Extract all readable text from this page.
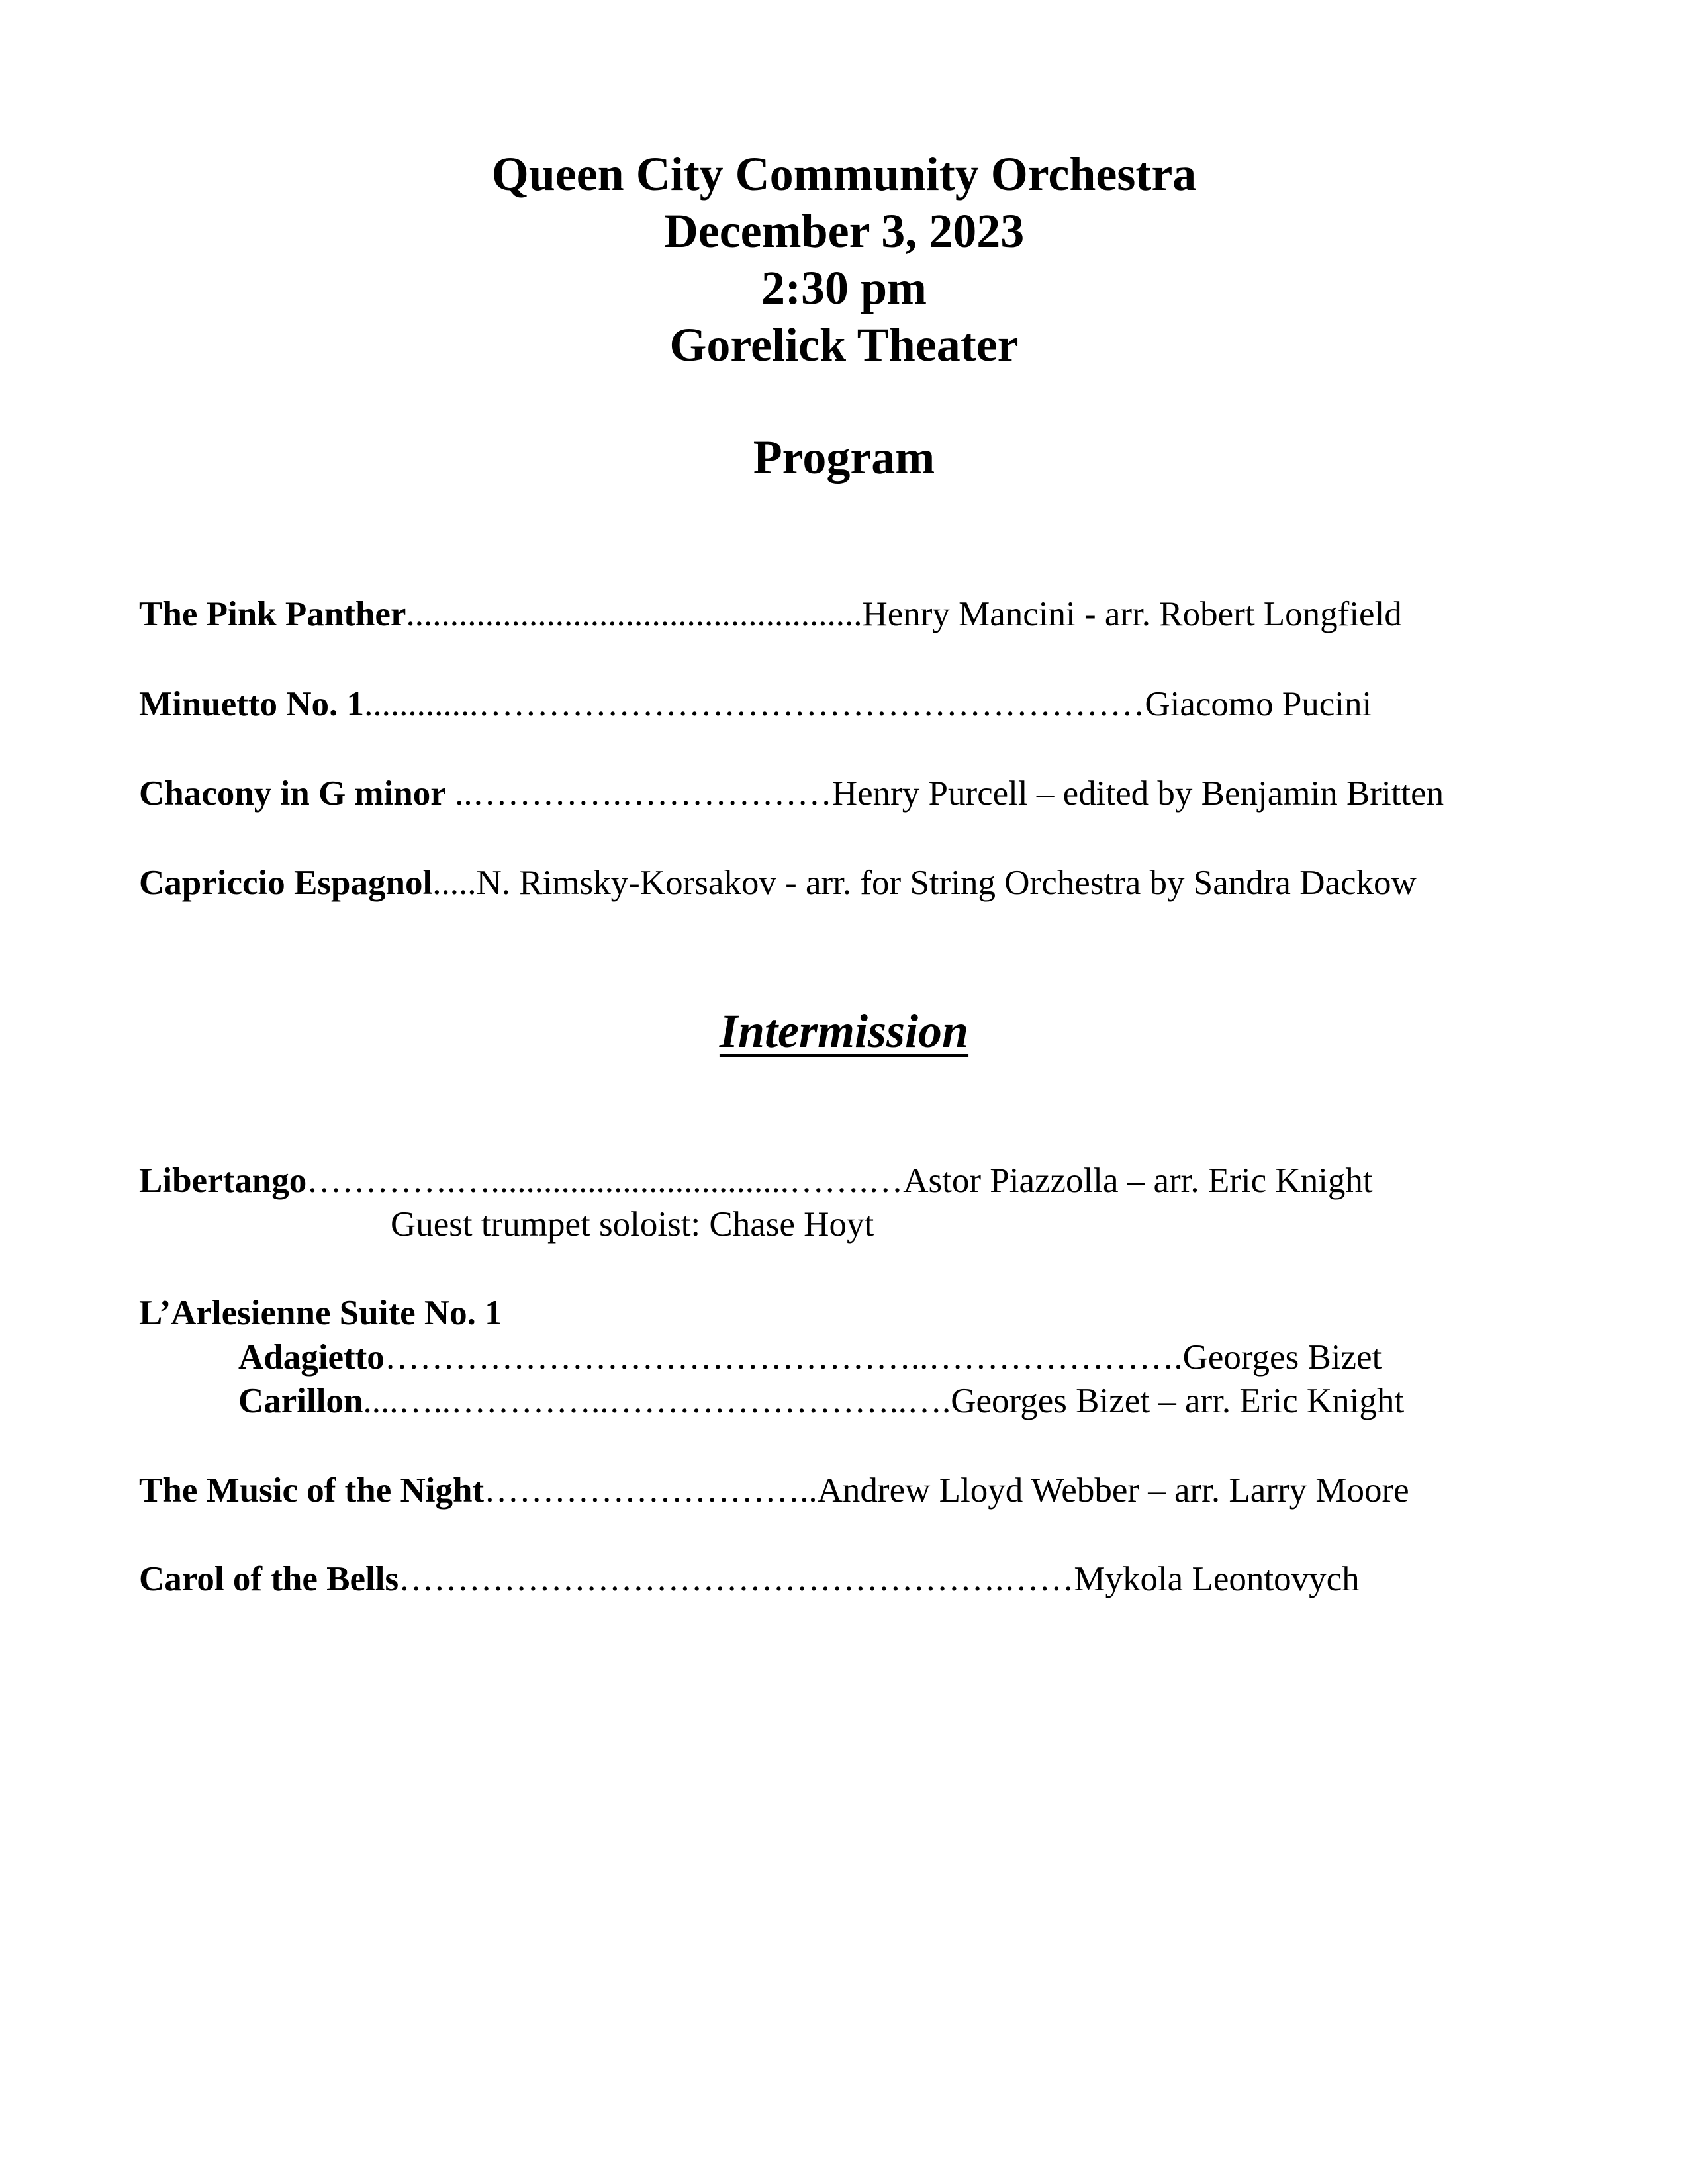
Queen City Community Orchestra
December 3, 2023
2:30 pm
Gorelick Theater
Program
The Pink Panther....................................................Henry Mancini - arr. Robert Longfield
Minuetto No. 1.............…………………………………………………Giacomo Pucini
Chacony in G minor ..………….………………Henry Purcell – edited by Benjamin Britten
Capriccio Espagnol.....N. Rimsky-Korsakov - arr. for String Orchestra by Sandra Dackow
Intermission
Libertango………….…..................................…….…Astor Piazzolla – arr. Eric Knight
Guest trumpet soloist: Chase Hoyt
L’Arlesienne Suite No. 1
Adagietto………………………………………..………………….Georges Bizet
Carillon....…..…………..……………………..….Georges Bizet – arr. Eric Knight
The Music of the Night………………………..Andrew Lloyd Webber – arr. Larry Moore
Carol of the Bells…………………………………………….……Mykola Leontovych
